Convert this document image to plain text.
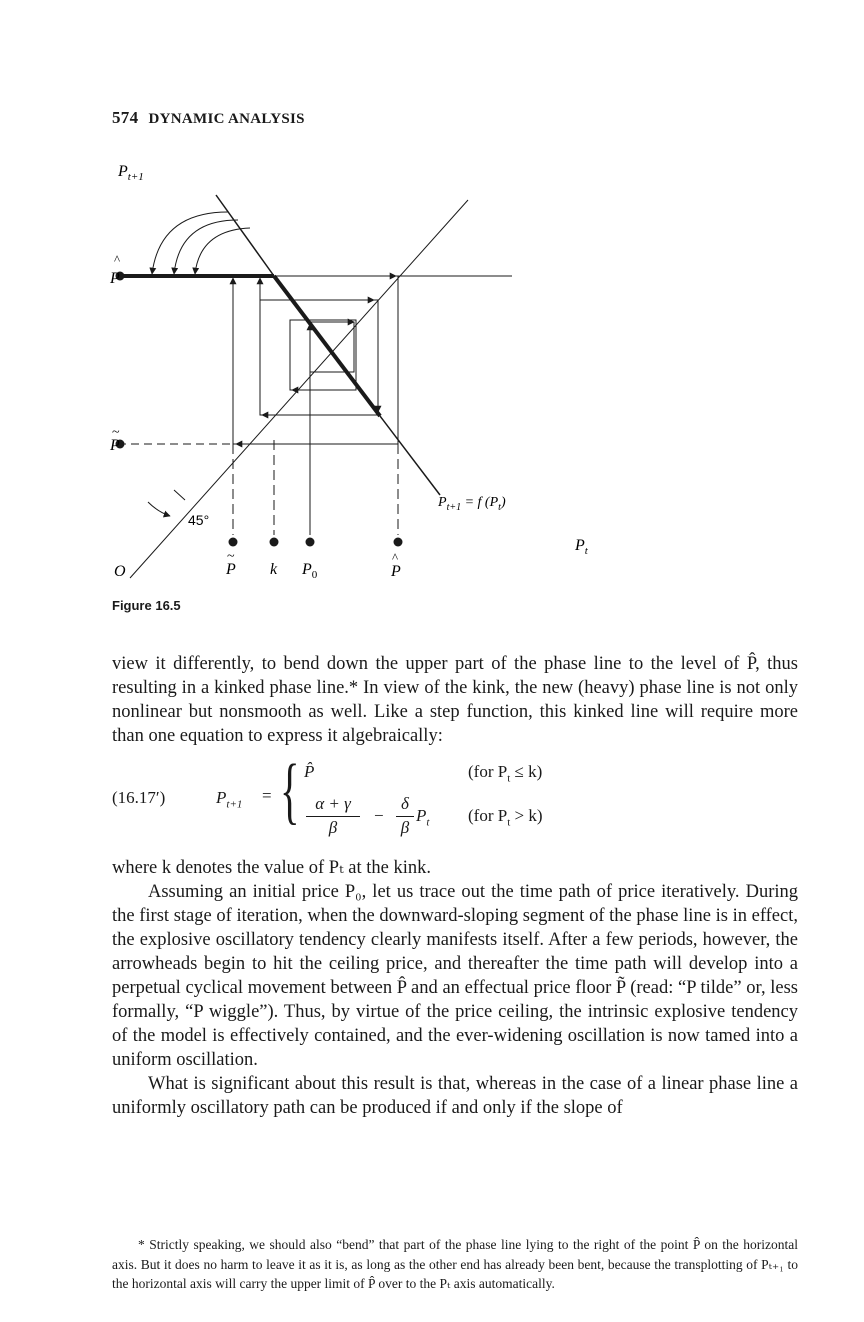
574 DYNAMIC ANALYSIS
$P_{t+1}$
^
P
~
P
45°
O
~
P k $P_0$
^
P
$P_t$
$P_{t+1} = f$ $(P_t)$
Figure 16.5

view it differently, to bend down the upper part of the phase line to the level of P̂, thus resulting in a kinked phase line.* In view of the kink, the new (heavy) phase line is not only nonlinear but nonsmooth as well. Like a step function, this kinked line will require more than one equation to express it algebraically:

(16.17′)	$P_{t+1}$ = { P̂	(for $P_t \le k$)
α + γ
β
−
δ
β
$P_t$ (for $P_t > k$)

where k denotes the value of Pₜ at the kink.

Assuming an initial price P₀, let us trace out the time path of price iteratively. During the first stage of iteration, when the downward-sloping segment of the phase line is in effect, the explosive oscillatory tendency clearly manifests itself. After a few periods, however, the arrowheads begin to hit the ceiling price, and thereafter the time path will develop into a perpetual cyclical movement between P̂ and an effectual price floor P̃ (read: “P tilde” or, less formally, “P wiggle”). Thus, by virtue of the price ceiling, the intrinsic explosive tendency of the model is effectively contained, and the ever-widening oscillation is now tamed into a uniform oscillation.

What is significant about this result is that, whereas in the case of a linear phase line a uniformly oscillatory path can be produced if and only if the slope of

* Strictly speaking, we should also “bend” that part of the phase line lying to the right of the point P̂ on the horizontal axis. But it does no harm to leave it as it is, as long as the other end has already been bent, because the transplotting of Pₜ₊₁ to the horizontal axis will carry the upper limit of P̂ over to the Pₜ axis automatically.
